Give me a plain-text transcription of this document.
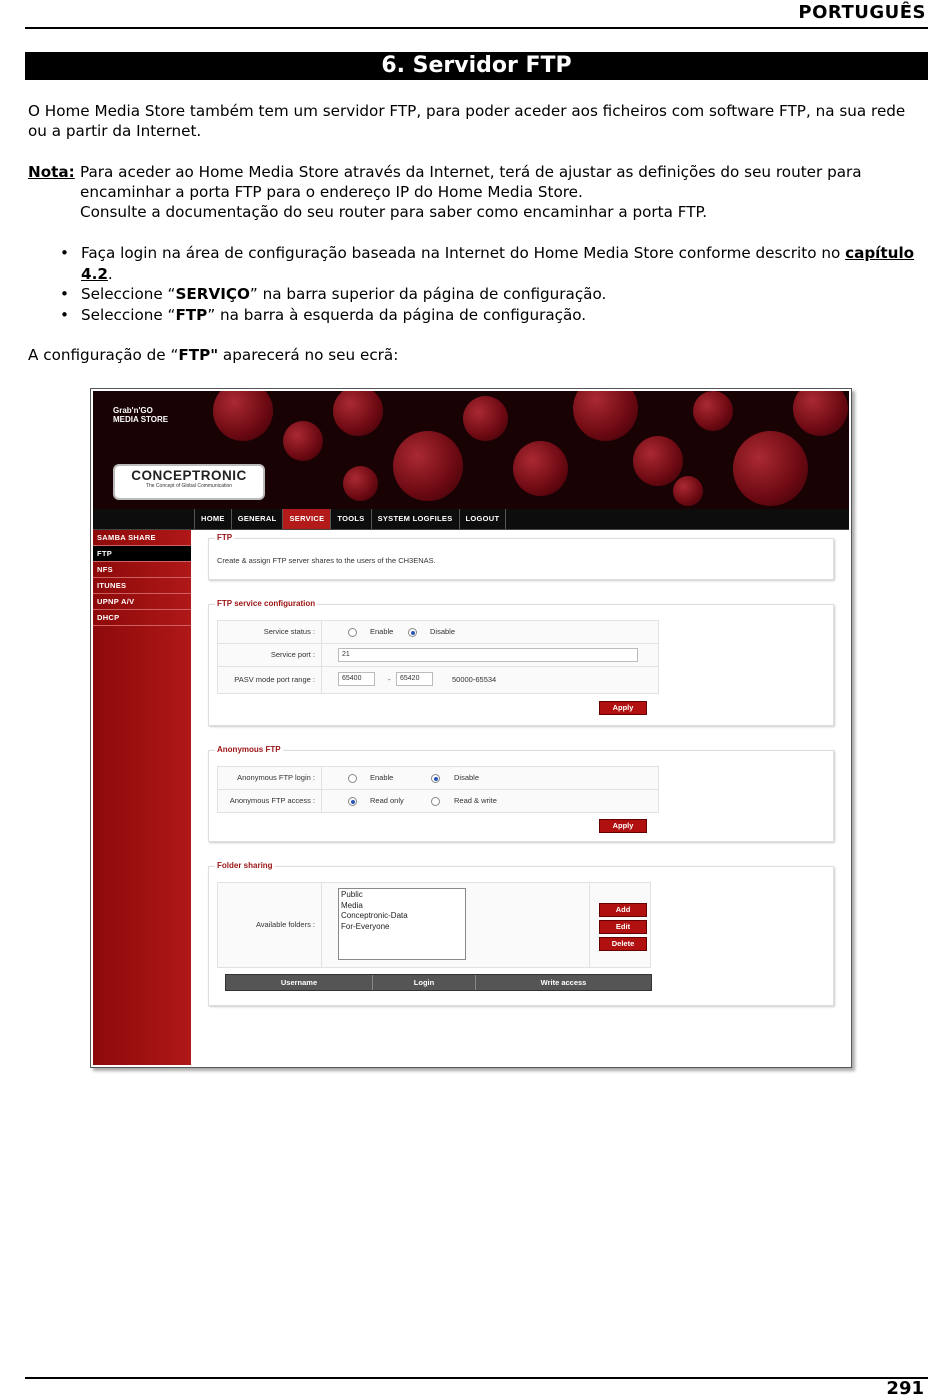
PORTUGUÊS
6. Servidor FTP
O Home Media Store também tem um servidor FTP, para poder aceder aos ficheiros com software FTP, na sua rede ou a partir da Internet.
Nota: Para aceder ao Home Media Store através da Internet, terá de ajustar as definições do seu router para encaminhar a porta FTP para o endereço IP do Home Media Store.
Consulte a documentação do seu router para saber como encaminhar a porta FTP.
• Faça login na área de configuração baseada na Internet do Home Media Store conforme descrito no capítulo 4.2.
• Seleccione “SERVIÇO” na barra superior da página de configuração.
• Seleccione “FTP” na barra à esquerda da página de configuração.
A configuração de “FTP" aparecerá no seu ecrã:
Grab'n'GO
MEDIA STORE
CONCEPTRONIC
The Concept of Global Communication
HOME	GENERAL	SERVICE	TOOLS	SYSTEM LOGFILES	LOGOUT
SAMBA SHARE
FTP
NFS
ITUNES
UPNP A/V
DHCP
FTP
Create & assign FTP server shares to the users of the CH3ENAS.
FTP service configuration
Service status :	Enable	Disable
Service port :	21
PASV mode port range :	65400	-	65420	50000-65534
Apply
Anonymous FTP
Anonymous FTP login :	Enable	Disable
Anonymous FTP access :	Read only	Read & write
Apply
Folder sharing
Available folders :
Public
Media
Conceptronic-Data
For-Everyone
Add
Edit
Delete
Username	Login	Write access
291
